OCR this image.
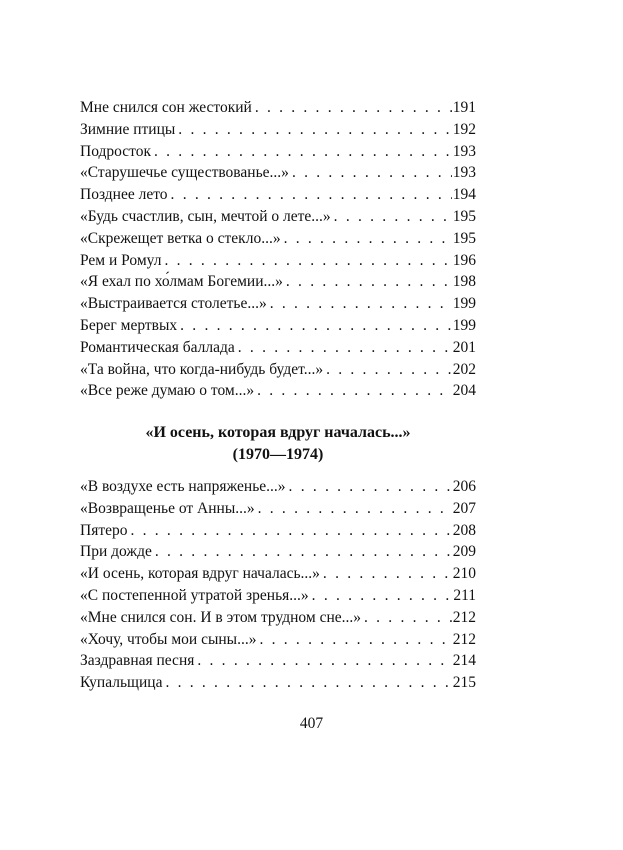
Мне снился сон жестокий . . .	191
Зимние птицы . . .	192
Подросток . . .	193
«Старушечье существованье...» . . .	193
Позднее лето . . .	194
«Будь счастлив, сын, мечтой о лете...» . . .	195
«Скрежещет ветка о стекло...» . . .	195
Рем и Ромул . . .	196
«Я ехал по хо́лмам Богемии...» . . .	198
«Выстраивается столетье...» . . .	199
Берег мертвых . . .	199
Романтическая баллада . . .	201
«Та война, что когда-нибудь будет...» . . .	202
«Все реже думаю о том...» . . .	204
«И осень, которая вдруг началась...»
(1970—1974)
«В воздухе есть напряженье...» . . .	206
«Возвращенье от Анны...» . . .	207
Пятеро . . .	208
При дожде . . .	209
«И осень, которая вдруг началась...» . . .	210
«С постепенной утратой зренья...» . . .	211
«Мне снился сон. И в этом трудном сне...» . . .	212
«Хочу, чтобы мои сыны...» . . .	212
Заздравная песня . . .	214
Купальщица . . .	215
407
